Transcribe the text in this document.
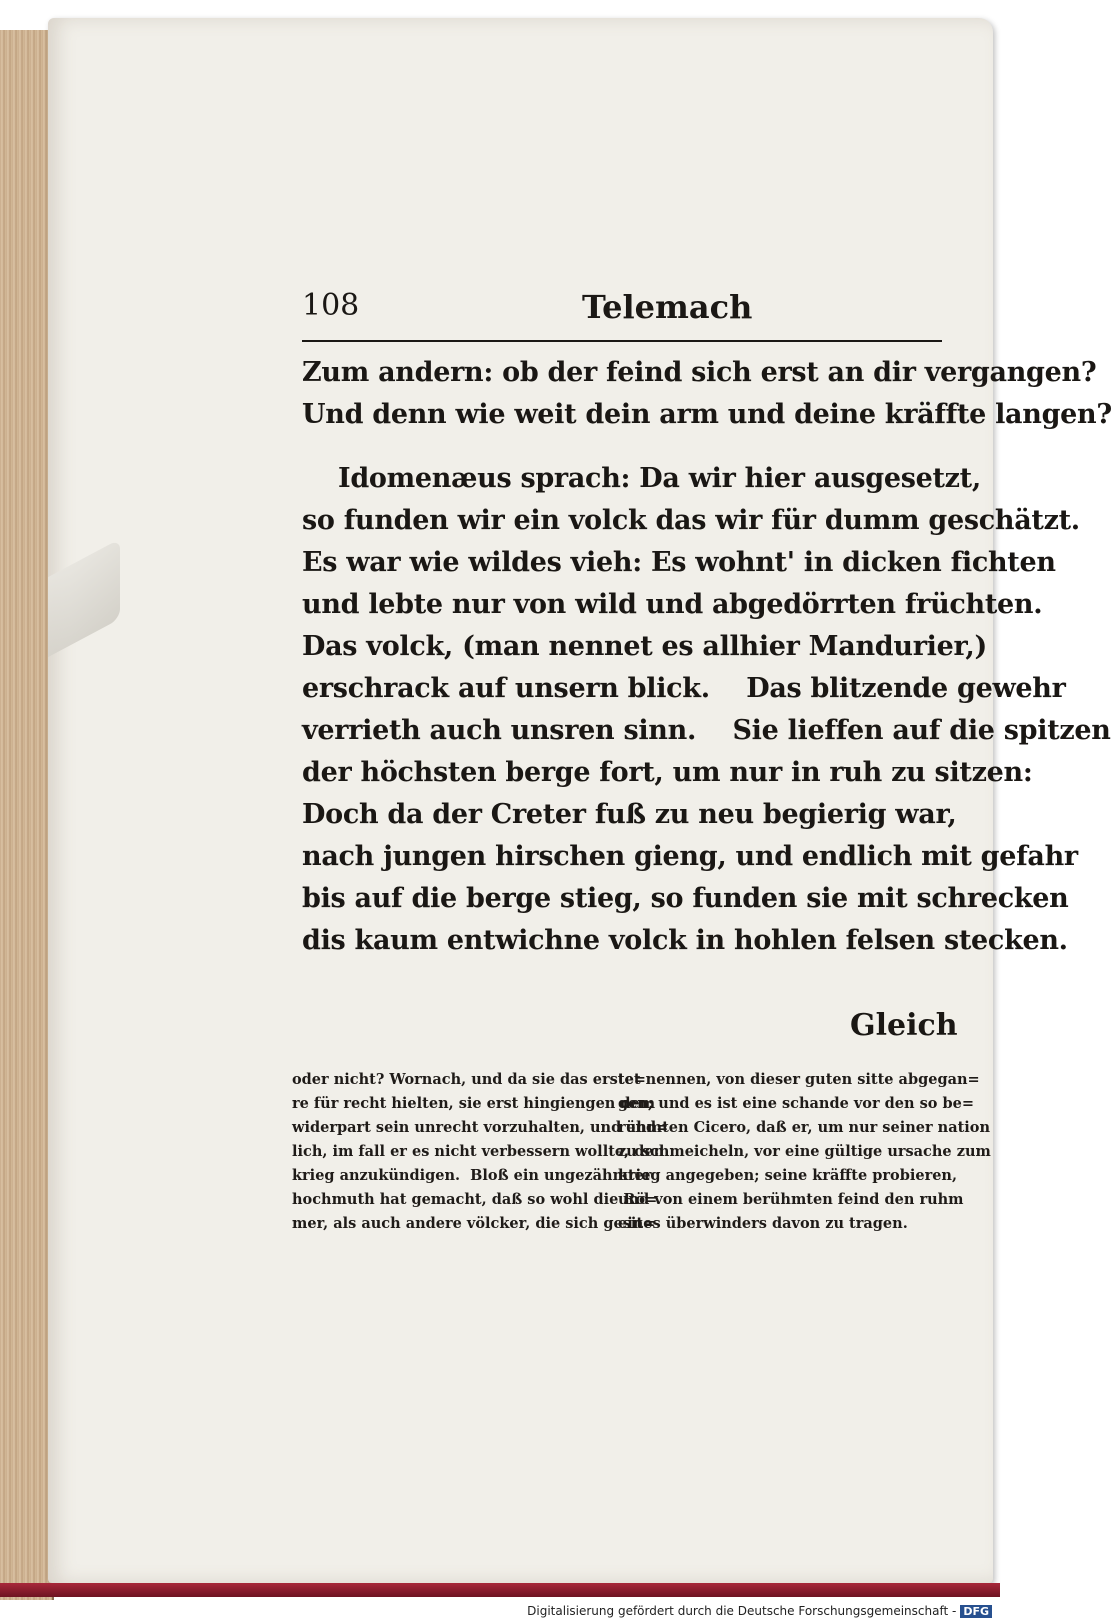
108	Telemach
Zum andern: ob der feind sich erst an dir vergangen?
Und denn wie weit dein arm und deine kräffte langen?
Idomenæus sprach: Da wir hier ausgesetzt,
so funden wir ein volck das wir für dumm geschätzt.
Es war wie wildes vieh: Es wohnt' in dicken fichten
und lebte nur von wild und abgedörrten früchten.
Das volck, (man nennet es allhier Mandurier,)
erschrack auf unsern blick.    Das blitzende gewehr
verrieth auch unsren sinn.    Sie lieffen auf die spitzen
der höchsten berge fort, um nur in ruh zu sitzen:
Doch da der Creter fuß zu neu begierig war,
nach jungen hirschen gieng, und endlich mit gefahr
bis auf die berge stieg, so funden sie mit schrecken
dis kaum entwichne volck in hohlen felsen stecken.
Gleich
oder nicht? Wornach, und da sie das erste=
re für recht hielten, sie erst hingiengen dem
widerpart sein unrecht vorzuhalten, und end=
lich, im fall er es nicht verbessern wollte, den
krieg anzukündigen.  Bloß ein ungezähmter
hochmuth hat gemacht, daß so wohl die Rö=
mer, als auch andere völcker, die sich gesit=
tet nennen, von dieser guten sitte abgegan=
gen; und es ist eine schande vor den so be=
rühmten Cicero, daß er, um nur seiner nation
zu schmeicheln, vor eine gültige ursache zum
krieg angegeben; seine kräffte probieren,
und von einem berühmten feind den ruhm
eines überwinders davon zu tragen.
Digitalisierung gefördert durch die Deutsche Forschungsgemeinschaft - DFG
